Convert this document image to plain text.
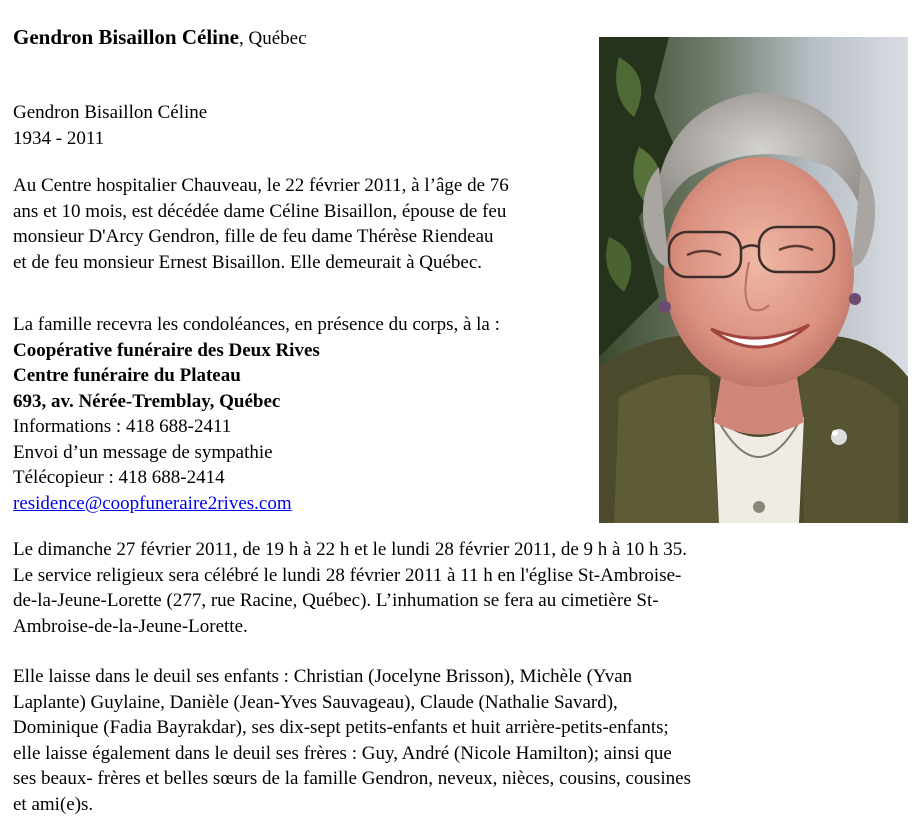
Gendron Bisaillon Céline, Québec
Gendron Bisaillon Céline
1934 - 2011
Au Centre hospitalier Chauveau, le 22 février 2011, à l’âge de 76
ans et 10 mois, est décédée dame Céline Bisaillon, épouse de feu
monsieur D'Arcy Gendron, fille de feu dame Thérèse Riendeau
et de feu monsieur Ernest Bisaillon. Elle demeurait à Québec.
La famille recevra les condoléances, en présence du corps, à la :
Coopérative funéraire des Deux Rives
Centre funéraire du Plateau
693, av. Nérée-Tremblay, Québec
Informations : 418 688-2411
Envoi d’un message de sympathie
Télécopieur : 418 688-2414
residence@coopfuneraire2rives.com
Le dimanche 27 février 2011, de 19 h à 22 h et le lundi 28 février 2011, de 9 h à 10 h 35.
Le service religieux sera célébré le lundi 28 février 2011 à 11 h en l'église St-Ambroise-
de-la-Jeune-Lorette (277, rue Racine, Québec). L’inhumation se fera au cimetière St-
Ambroise-de-la-Jeune-Lorette.
Elle laisse dans le deuil ses enfants : Christian (Jocelyne Brisson), Michèle (Yvan
Laplante) Guylaine, Danièle (Jean-Yves Sauvageau), Claude (Nathalie Savard),
Dominique (Fadia Bayrakdar), ses dix-sept petits-enfants et huit arrière-petits-enfants;
elle laisse également dans le deuil ses frères : Guy, André (Nicole Hamilton); ainsi que
ses beaux- frères et belles sœurs de la famille Gendron, neveux, nièces, cousins, cousines
et ami(e)s.
